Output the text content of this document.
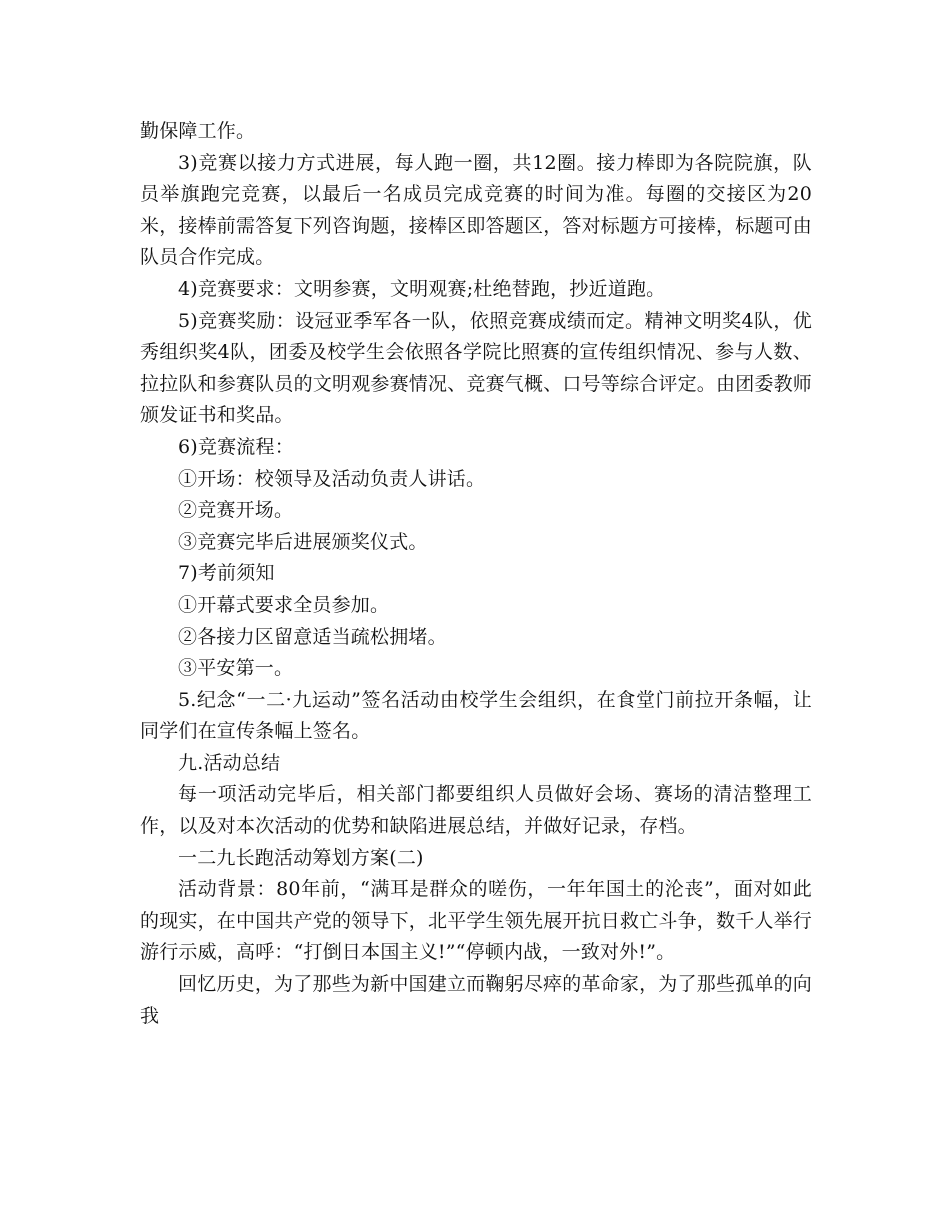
勤保障工作。

3)竞赛以接力方式进展，每人跑一圈，共12圈。接力棒即为各院院旗，队员举旗跑完竞赛，以最后一名成员完成竞赛的时间为准。每圈的交接区为20米，接棒前需答复下列咨询题，接棒区即答题区，答对标题方可接棒，标题可由队员合作完成。

4)竞赛要求：文明参赛，文明观赛;杜绝替跑，抄近道跑。

5)竞赛奖励：设冠亚季军各一队，依照竞赛成绩而定。精神文明奖4队，优秀组织奖4队，团委及校学生会依照各学院比照赛的宣传组织情况、参与人数、拉拉队和参赛队员的文明观参赛情况、竞赛气概、口号等综合评定。由团委教师颁发证书和奖品。

6)竞赛流程：

①开场：校领导及活动负责人讲话。

②竞赛开场。

③竞赛完毕后进展颁奖仪式。

7)考前须知

①开幕式要求全员参加。

②各接力区留意适当疏松拥堵。

③平安第一。

5.纪念“一二·九运动”签名活动由校学生会组织，在食堂门前拉开条幅，让同学们在宣传条幅上签名。

九.活动总结

每一项活动完毕后，相关部门都要组织人员做好会场、赛场的清洁整理工作，以及对本次活动的优势和缺陷进展总结，并做好记录，存档。

一二九长跑活动筹划方案(二)

活动背景：80年前，“满耳是群众的嗟伤，一年年国土的沦丧”，面对如此的现实，在中国共产党的领导下，北平学生领先展开抗日救亡斗争，数千人举行游行示威，高呼：“打倒日本国主义!”“停顿内战，一致对外!”。

回忆历史，为了那些为新中国建立而鞠躬尽瘁的革命家，为了那些孤单的向我
